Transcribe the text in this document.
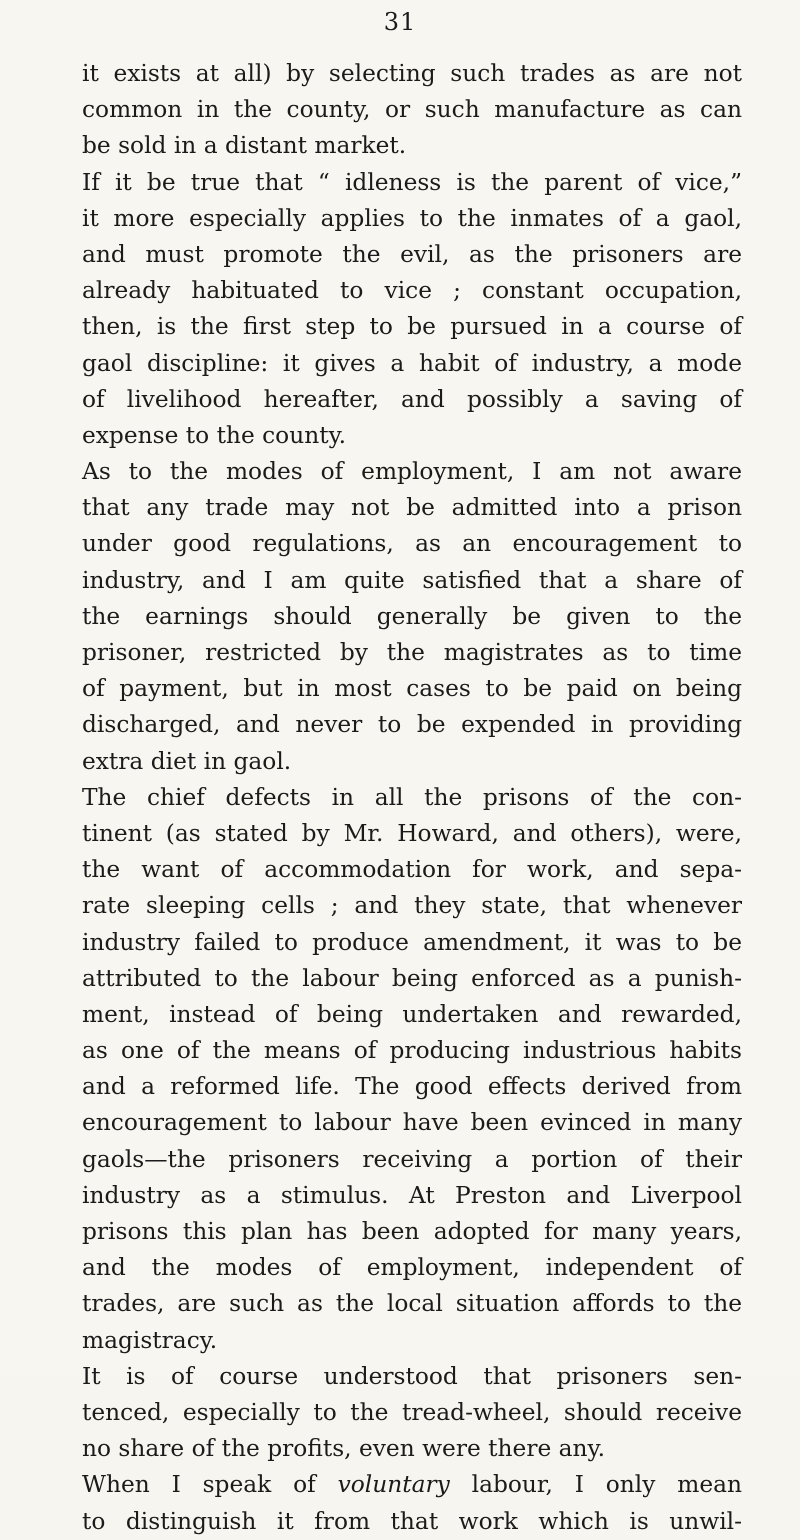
31
it exists at all) by selecting such trades as are not
common in the county, or such manufacture as can
be sold in a distant market.
If it be true that “ idleness is the parent of vice,”
it more especially applies to the inmates of a gaol,
and must promote the evil, as the prisoners are
already habituated to vice ; constant occupation,
then, is the first step to be pursued in a course of
gaol discipline: it gives a habit of industry, a mode
of livelihood hereafter, and possibly a saving of
expense to the county.
As to the modes of employment, I am not aware
that any trade may not be admitted into a prison
under good regulations, as an encouragement to
industry, and I am quite satisfied that a share of
the earnings should generally be given to the
prisoner, restricted by the magistrates as to time
of payment, but in most cases to be paid on being
discharged, and never to be expended in providing
extra diet in gaol.
The chief defects in all the prisons of the con-
tinent (as stated by Mr. Howard, and others), were,
the want of accommodation for work, and sepa-
rate sleeping cells ; and they state, that whenever
industry failed to produce amendment, it was to be
attributed to the labour being enforced as a punish-
ment, instead of being undertaken and rewarded,
as one of the means of producing industrious habits
and a reformed life. The good effects derived from
encouragement to labour have been evinced in many
gaols—the prisoners receiving a portion of their
industry as a stimulus. At Preston and Liverpool
prisons this plan has been adopted for many years,
and the modes of employment, independent of
trades, are such as the local situation affords to the
magistracy.
It is of course understood that prisoners sen-
tenced, especially to the tread-wheel, should receive
no share of the profits, even were there any.
When I speak of voluntary labour, I only mean
to distinguish it from that work which is unwil-
